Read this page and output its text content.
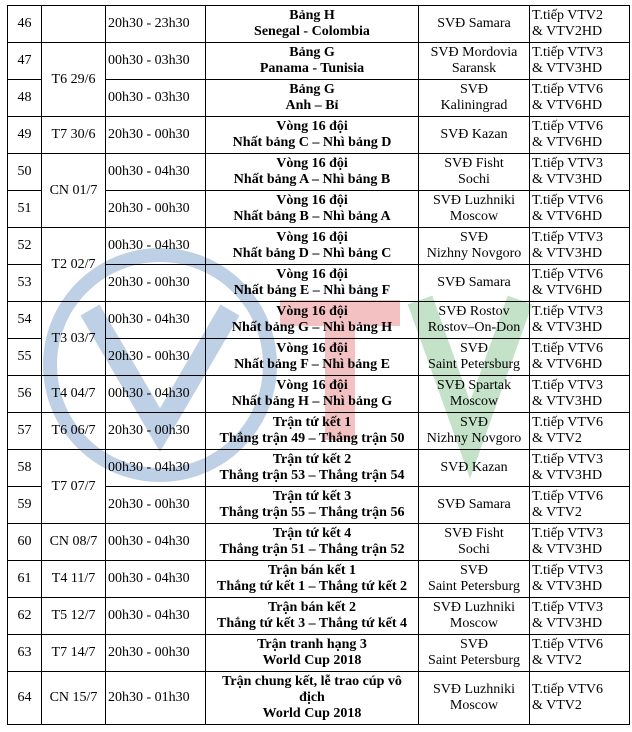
46		20h30 - 23h30	Bảng H
Senegal - Colombia	SVĐ Samara	T.tiếp VTV2
& VTV2HD

47	T6 29/6	00h30 - 03h30	Bảng G
Panama - Tunisia	SVĐ Mordovia
Saransk	T.tiếp VTV3
& VTV3HD

48		00h30 - 03h30	Bảng G
Anh – Bỉ	SVĐ
Kaliningrad	T.tiếp VTV6
& VTV6HD

49	T7 30/6	20h30 - 00h30	Vòng 16 đội
Nhất bảng C – Nhì bảng D	SVĐ Kazan	T.tiếp VTV6
& VTV6HD

50	CN 01/7	00h30 - 04h30	Vòng 16 đội
Nhất bảng A – Nhì bảng B	SVĐ Fisht
Sochi	T.tiếp VTV3
& VTV3HD

51		20h30 - 00h30	Vòng 16 đội
Nhất bảng B – Nhì bảng A	SVĐ Luzhniki
Moscow	T.tiếp VTV6
& VTV6HD

52	T2 02/7	00h30 - 04h30	Vòng 16 đội
Nhất bảng D – Nhì bảng C	SVĐ
Nizhny Novgoro	T.tiếp VTV3
& VTV3HD

53		20h30 - 00h30	Vòng 16 đội
Nhất bảng E – Nhì bảng F	SVĐ Samara	T.tiếp VTV6
& VTV6HD

54	T3 03/7	00h30 - 04h30	Vòng 16 đội
Nhất bảng G – Nhì bảng H	SVĐ Rostov
Rostov–On-Don	T.tiếp VTV3
& VTV3HD

55		20h30 - 00h30	Vòng 16 đội
Nhất bảng F – Nhì bảng E	SVĐ
Saint Petersburg	T.tiếp VTV6
& VTV6HD

56	T4 04/7	00h30 - 04h30	Vòng 16 đội
Nhất bảng H – Nhì bảng G	SVĐ Spartak
Moscow	T.tiếp VTV3
& VTV3HD

57	T6 06/7	20h30 - 00h30	Trận tứ kết 1
Thắng trận 49 – Thắng trận 50	SVĐ
Nizhny Novgoro	T.tiếp VTV6
& VTV2

58	T7 07/7	00h30 - 04h30	Trận tứ kết 2
Thắng trận 53 – Thắng trận 54	SVĐ Kazan	T.tiếp VTV3
& VTV3HD

59		20h30 - 00h30	Trận tứ kết 3
Thắng trận 55 – Thắng trận 56	SVĐ Samara	T.tiếp VTV6
& VTV2

60	CN 08/7	00h30 - 04h30	Trận tứ kết 4
Thắng trận 51 – Thắng trận 52	SVĐ Fisht
Sochi	T.tiếp VTV3
& VTV3HD

61	T4 11/7	00h30 - 04h30	Trận bán kết 1
Thắng tứ kết 1 – Thắng tứ kết 2	SVĐ
Saint Petersburg	T.tiếp VTV3
& VTV3HD

62	T5 12/7	00h30 - 04h30	Trận bán kết 2
Thắng tứ kết 3 – Thắng tứ kết 4	SVĐ Luzhniki
Moscow	T.tiếp VTV3
& VTV3HD

63	T7 14/7	20h30 - 00h30	Trận tranh hạng 3
World Cup 2018	SVĐ
Saint Petersburg	T.tiếp VTV6
& VTV2

64	CN 15/7	20h30 - 01h30	Trận chung kết, lễ trao cúp vô
địch
World Cup 2018	SVĐ Luzhniki
Moscow	T.tiếp VTV6
& VTV2
